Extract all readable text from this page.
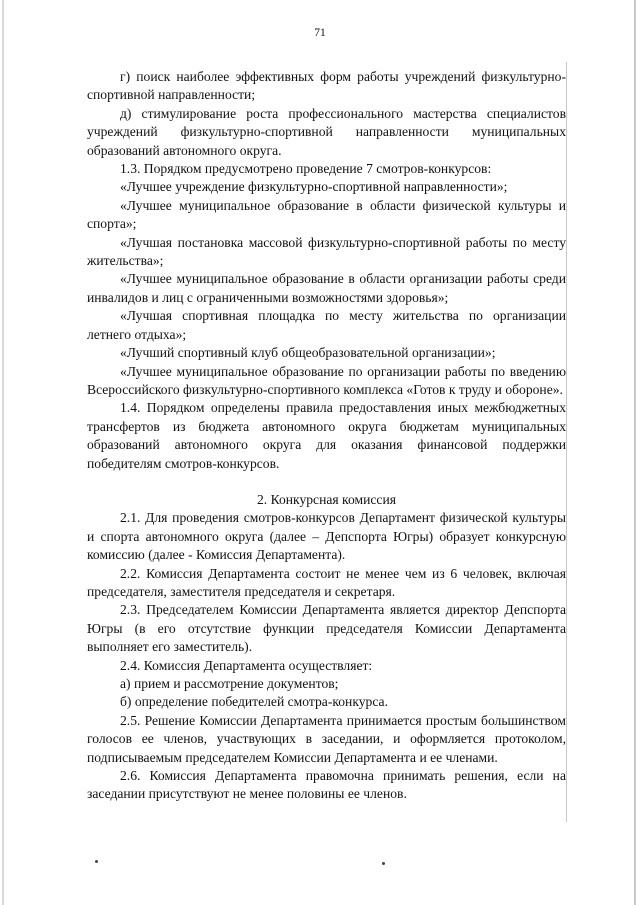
71

г) поиск наиболее эффективных форм работы учреждений физкультурно-спортивной направленности;

д) стимулирование роста профессионального мастерства специалистов учреждений физкультурно-спортивной направленности муниципальных образований автономного округа.

1.3. Порядком предусмотрено проведение 7 смотров-конкурсов:

«Лучшее учреждение физкультурно-спортивной направленности»;

«Лучшее муниципальное образование в области физической культуры и спорта»;

«Лучшая постановка массовой физкультурно-спортивной работы по месту жительства»;

«Лучшее муниципальное образование в области организации работы среди инвалидов и лиц с ограниченными возможностями здоровья»;

«Лучшая спортивная площадка по месту жительства по организации летнего отдыха»;

«Лучший спортивный клуб общеобразовательной организации»;

«Лучшее муниципальное образование по организации работы по введению Всероссийского физкультурно-спортивного комплекса «Готов к труду и обороне».

1.4. Порядком определены правила предоставления иных межбюджетных трансфертов из бюджета автономного округа бюджетам муниципальных образований автономного округа для оказания финансовой поддержки победителям смотров-конкурсов.

2. Конкурсная комиссия

2.1. Для проведения смотров-конкурсов Департамент физической культуры и спорта автономного округа (далее – Депспорта Югры) образует конкурсную комиссию (далее - Комиссия Департамента).

2.2. Комиссия Департамента состоит не менее чем из 6 человек, включая председателя, заместителя председателя и секретаря.

2.3. Председателем Комиссии Департамента является директор Депспорта Югры (в его отсутствие функции председателя Комиссии Департамента выполняет его заместитель).

2.4. Комиссия Департамента осуществляет:

а) прием и рассмотрение документов;

б) определение победителей смотра-конкурса.

2.5. Решение Комиссии Департамента принимается простым большинством голосов ее членов, участвующих в заседании, и оформляется протоколом, подписываемым председателем Комиссии Департамента и ее членами.

2.6. Комиссия Департамента правомочна принимать решения, если на заседании присутствуют не менее половины ее членов.
